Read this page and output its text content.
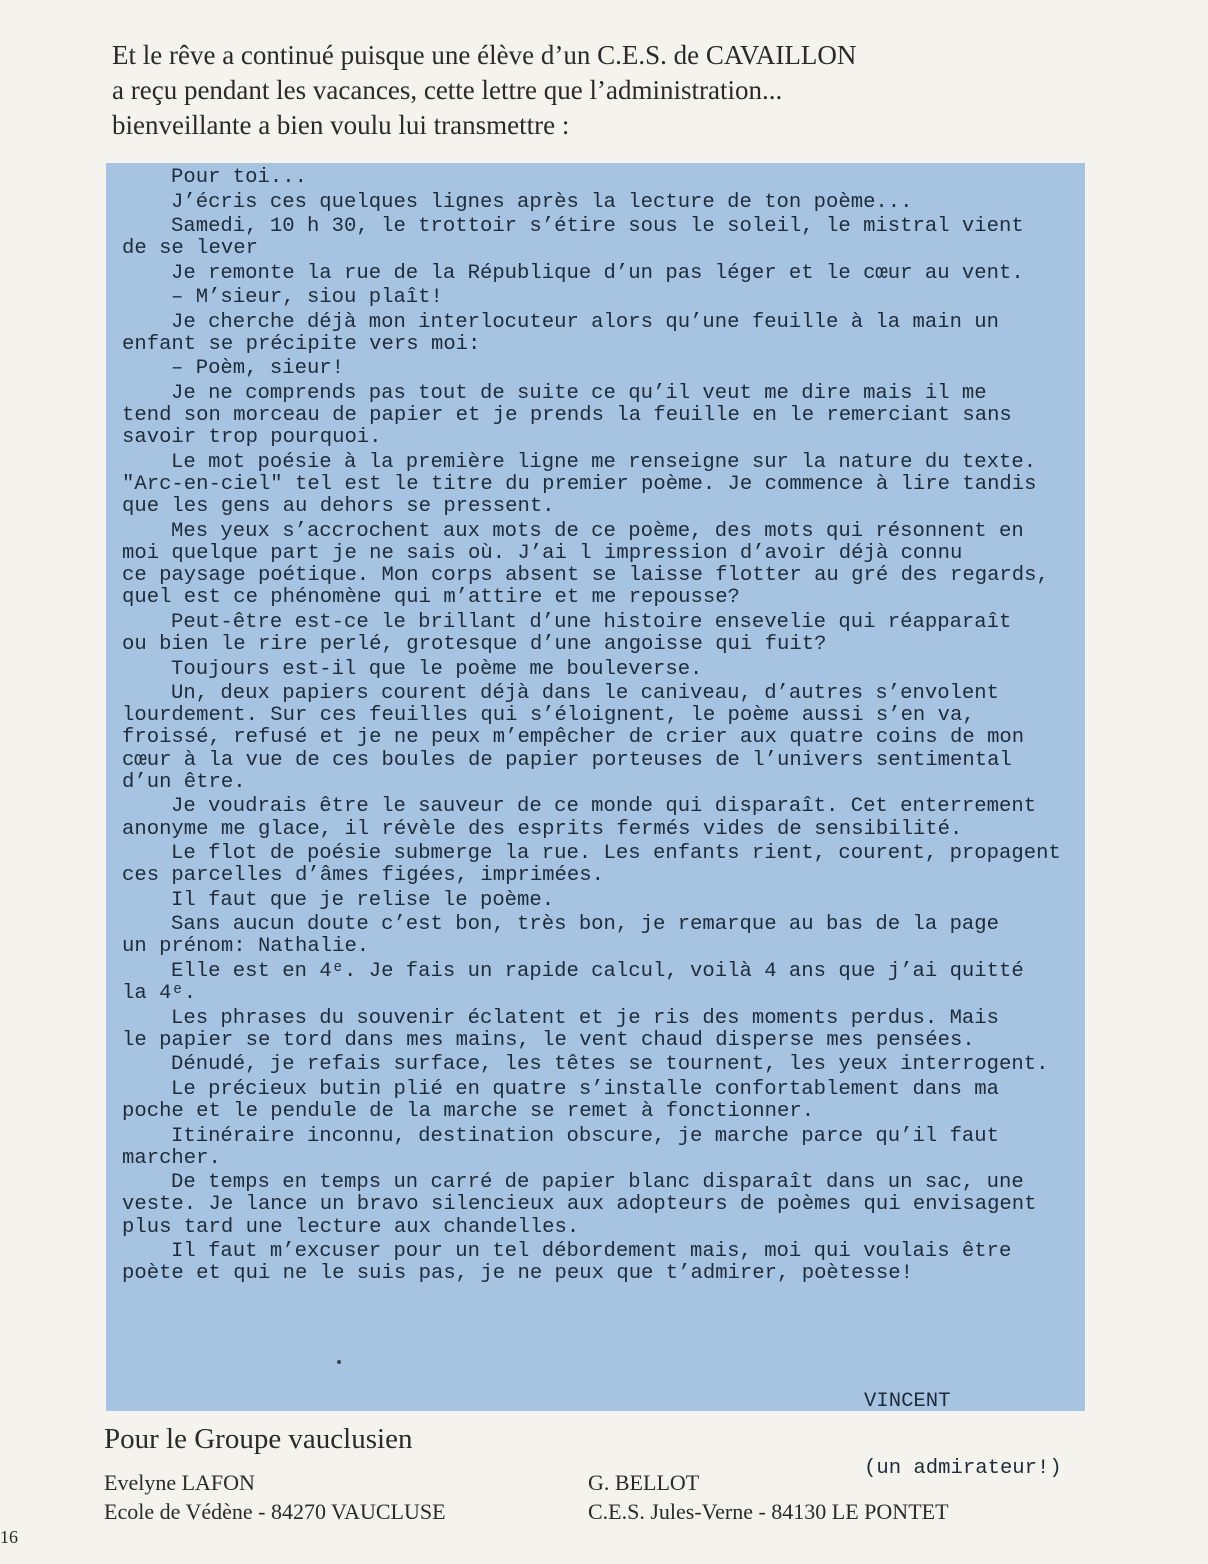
Et le rêve a continué puisque une élève d’un C.E.S. de CAVAILLON

a reçu pendant les vacances, cette lettre que l’administration...

bienveillante a bien voulu lui transmettre :

Pour toi...
J’écris ces quelques lignes après la lecture de ton poème...
Samedi, 10 h 30, le trottoir s’étire sous le soleil, le mistral vient
de se lever
Je remonte la rue de la République d’un pas léger et le cœur au vent.
– M’sieur, siou plaît!
Je cherche déjà mon interlocuteur alors qu’une feuille à la main un
enfant se précipite vers moi:
– Poèm, sieur!
Je ne comprends pas tout de suite ce qu’il veut me dire mais il me
tend son morceau de papier et je prends la feuille en le remerciant sans
savoir trop pourquoi.
Le mot poésie à la première ligne me renseigne sur la nature du texte.
"Arc-en-ciel" tel est le titre du premier poème. Je commence à lire tandis
que les gens au dehors se pressent.
Mes yeux s’accrochent aux mots de ce poème, des mots qui résonnent en
moi quelque part je ne sais où. J’ai l impression d’avoir déjà connu
ce paysage poétique. Mon corps absent se laisse flotter au gré des regards,
quel est ce phénomène qui m’attire et me repousse?
Peut-être est-ce le brillant d’une histoire ensevelie qui réapparaît
ou bien le rire perlé, grotesque d’une angoisse qui fuit?
Toujours est-il que le poème me bouleverse.
Un, deux papiers courent déjà dans le caniveau, d’autres s’envolent
lourdement. Sur ces feuilles qui s’éloignent, le poème aussi s’en va,
froissé, refusé et je ne peux m’empêcher de crier aux quatre coins de mon
cœur à la vue de ces boules de papier porteuses de l’univers sentimental
d’un être.
Je voudrais être le sauveur de ce monde qui disparaît. Cet enterrement
anonyme me glace, il révèle des esprits fermés vides de sensibilité.
Le flot de poésie submerge la rue. Les enfants rient, courent, propagent
ces parcelles d’âmes figées, imprimées.
Il faut que je relise le poème.
Sans aucun doute c’est bon, très bon, je remarque au bas de la page
un prénom: Nathalie.
Elle est en 4ᵉ. Je fais un rapide calcul, voilà 4 ans que j’ai quitté
la 4ᵉ.
Les phrases du souvenir éclatent et je ris des moments perdus. Mais
le papier se tord dans mes mains, le vent chaud disperse mes pensées.
Dénudé, je refais surface, les têtes se tournent, les yeux interrogent.
Le précieux butin plié en quatre s’installe confortablement dans ma
poche et le pendule de la marche se remet à fonctionner.
Itinéraire inconnu, destination obscure, je marche parce qu’il faut
marcher.
De temps en temps un carré de papier blanc disparaît dans un sac, une
veste. Je lance un bravo silencieux aux adopteurs de poèmes qui envisagent
plus tard une lecture aux chandelles.
Il faut m’excuser pour un tel débordement mais, moi qui voulais être
poète et qui ne le suis pas, je ne peux que t’admirer, poètesse!

VINCENT

(un admirateur!)

Pour le Groupe vauclusien
Evelyne LAFON
Ecole de Védène - 84270 VAUCLUSE
G. BELLOT
C.E.S. Jules-Verne - 84130 LE PONTET
16
